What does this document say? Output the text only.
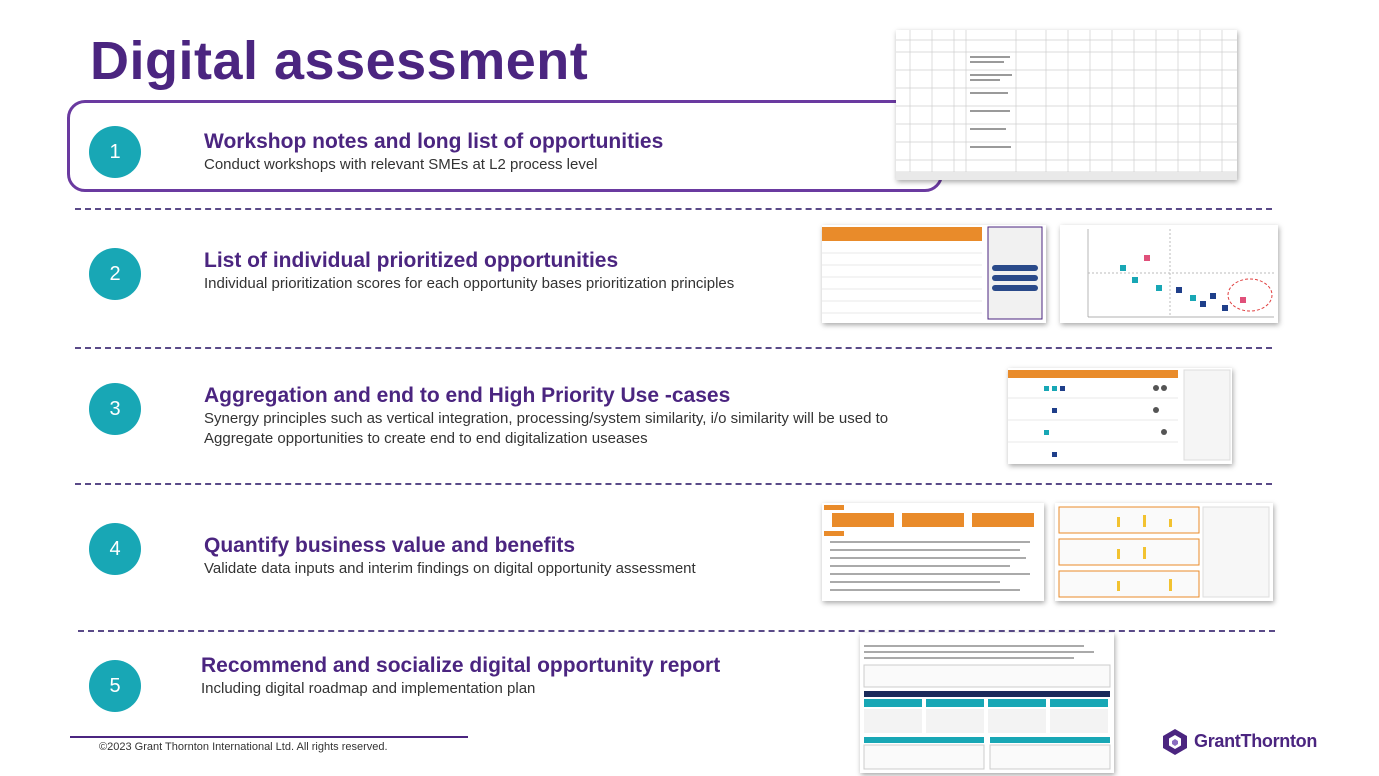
Digital assessment
1	Workshop notes and long list of opportunities
Conduct workshops with relevant SMEs at L2 process level
2
List of individual prioritized opportunities
Individual prioritization scores for each opportunity bases prioritization principles
3
Aggregation and end to end High Priority Use -cases
Synergy principles such as vertical integration, processing/system similarity, i/o similarity will be used to
Aggregate opportunities to create end to end digitalization useases
4	Quantify business value and benefits
Validate data inputs and interim findings on digital opportunity assessment
5
Recommend and socialize digital opportunity report
Including digital roadmap and implementation plan
©2023 Grant Thornton International Ltd. All rights reserved.	GrantThornton
